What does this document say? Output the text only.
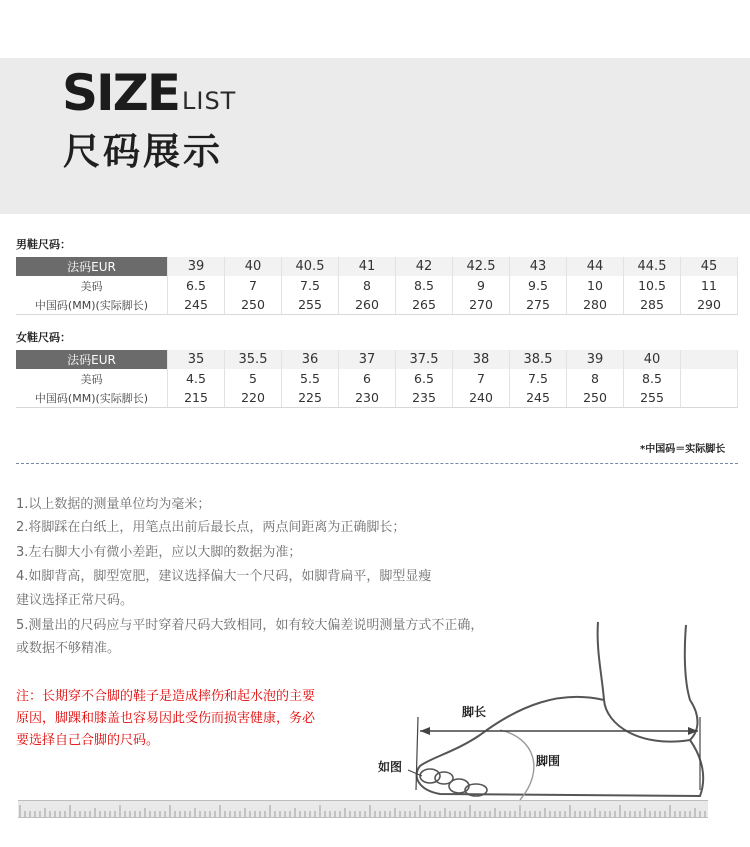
SIZE LIST
尺码展示
男鞋尺码：
法码EUR	39	40	40.5	41	42	42.5	43	44	44.5	45
美码	6.5	7	7.5	8	8.5	9	9.5	10	10.5	11
中国码(MM)(实际脚长)	245	250	255	260	265	270	275	280	285	290
女鞋尺码：
法码EUR	35	35.5	36	37	37.5	38	38.5	39	40	
美码	4.5	5	5.5	6	6.5	7	7.5	8	8.5	
中国码(MM)(实际脚长)	215	220	225	230	235	240	245	250	255	
*中国码＝实际脚长
1.以上数据的测量单位均为毫米；
2.将脚踩在白纸上，用笔点出前后最长点，两点间距离为正确脚长；
3.左右脚大小有微小差距，应以大脚的数据为准；
4.如脚背高，脚型宽肥，建议选择偏大一个尺码，如脚背扁平，脚型显瘦
建议选择正常尺码。
5.测量出的尺码应与平时穿着尺码大致相同，如有较大偏差说明测量方式不正确，
或数据不够精准。

注：长期穿不合脚的鞋子是造成摔伤和起水泡的主要

原因，脚踝和膝盖也容易因此受伤而损害健康，务必

要选择自己合脚的尺码。

脚长
脚围
如图
